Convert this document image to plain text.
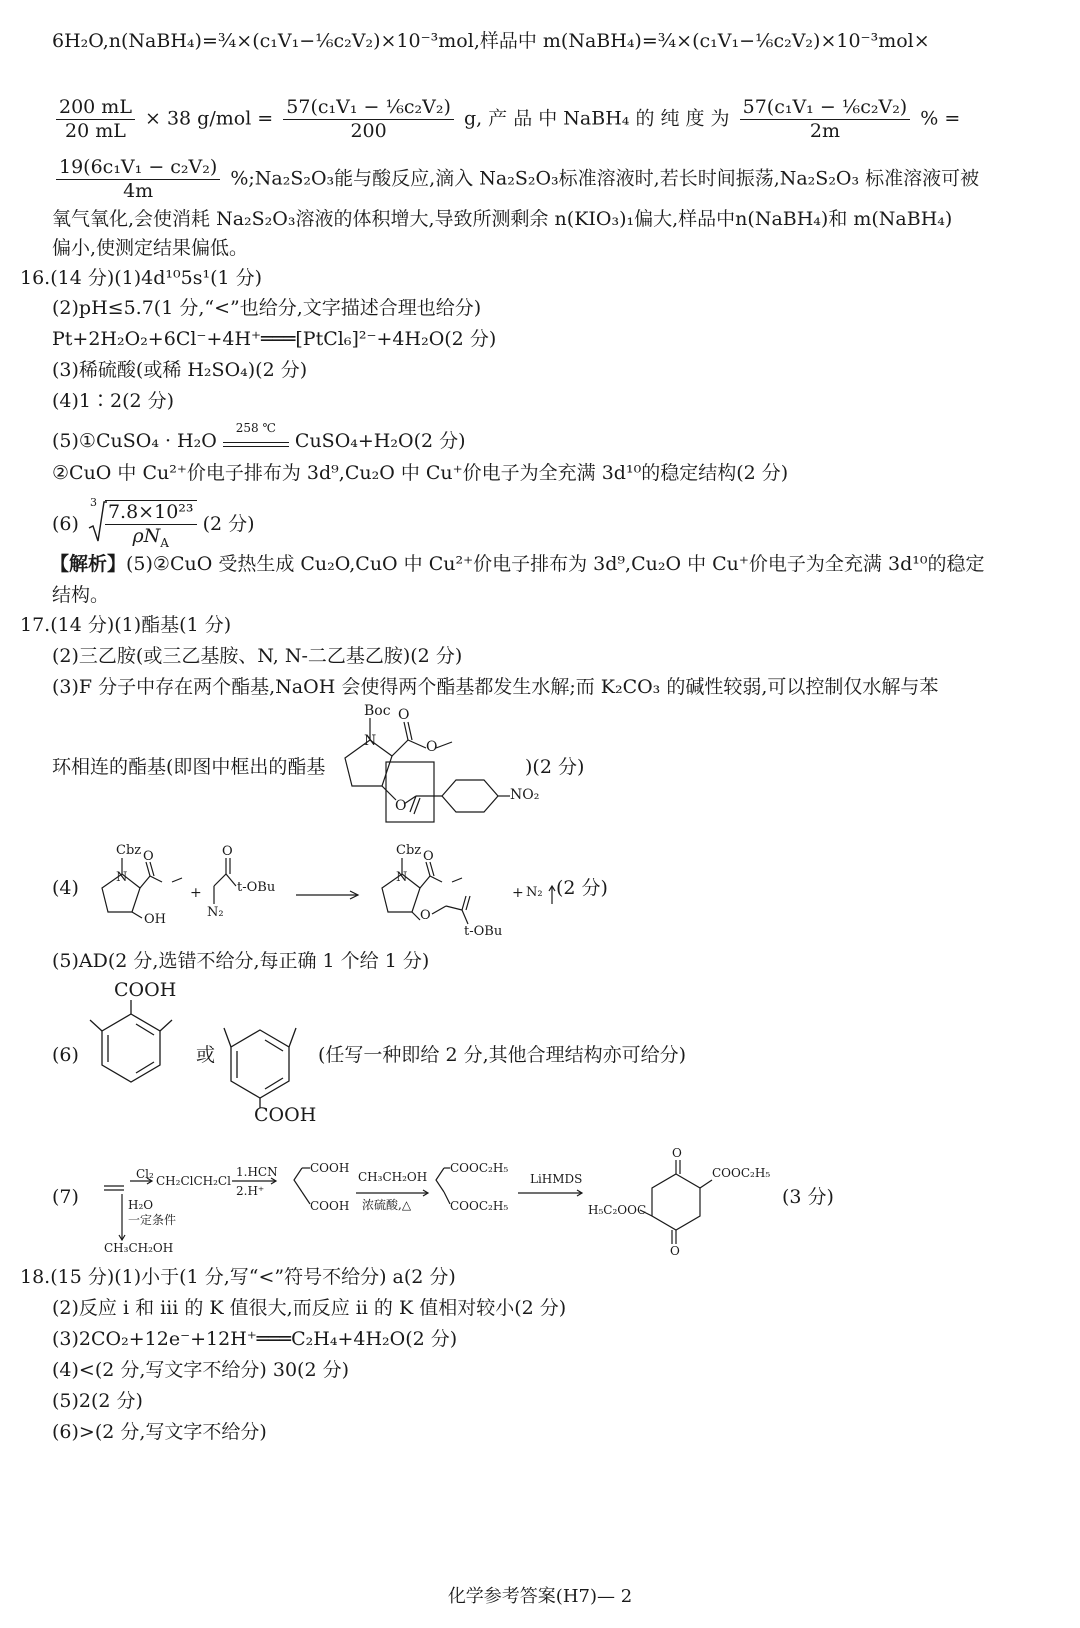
6H₂O,n(NaBH₄)=¾×(c₁V₁−⅙c₂V₂)×10⁻³mol,样品中 m(NaBH₄)=¾×(c₁V₁−⅙c₂V₂)×10⁻³mol×
$\frac{200 mL}{20 mL} \times 38$ $g/mol = \frac{\text{57(c₁V₁ − ⅙c₂V₂)}}{200} g$, 产 品 中 NaBH₄ 的 纯 度 为 $\frac{\text{57(c₁V₁ − ⅙c₂V₂)}}{2m}$ % =
$\frac{\text{19(6c₁V₁ − c₂V₂)}}{4m}$ %;Na₂S₂O₃能与酸反应,滴入 Na₂S₂O₃标准溶液时,若长时间振荡,Na₂S₂O₃ 标准溶液可被
氧气氧化,会使消耗 Na₂S₂O₃溶液的体积增大,导致所测剩余 n(KIO₃)₁偏大,样品中n(NaBH₄)和 m(NaBH₄)
偏小,使测定结果偏低。
16.(14 分)(1)4d¹⁰5s¹(1 分)
(2)pH≤5.7(1 分,“<”也给分,文字描述合理也给分)
Pt+2H₂O₂+6Cl⁻+4H⁺═══[PtCl₆]²⁻+4H₂O(2 分)
(3)稀硫酸(或稀 H₂SO₄)(2 分)
(4)1∶2(2 分)
(5)①CuSO₄ · H₂O
258 ℃
CuSO₄+H₂O(2 分)
②CuO 中 Cu²⁺价电子排布为 3d⁹,Cu₂O 中 Cu⁺价电子为全充满 3d¹⁰的稳定结构(2 分)
(6)
3 7.8×10²³
$\rho N_A$
(2 分)
【解析】(5)②CuO 受热生成 Cu₂O,CuO 中 Cu²⁺价电子排布为 3d⁹,Cu₂O 中 Cu⁺价电子为全充满 3d¹⁰的稳定
结构。
17.(14 分)(1)酯基(1 分)
(2)三乙胺(或三乙基胺、N, N-二乙基乙胺)(2 分)
(3)F 分子中存在两个酯基,NaOH 会使得两个酯基都发生水解;而 K₂CO₃ 的碱性较弱,可以控制仅水解与苯
环相连的酯基(即图中框出的酯基	)(2 分)
Boc
N
O
O
O
NO₂
(4)
Cbz
N
O
OH
+
O
t-OBu
N₂
Cbz
N
O
O
t-OBu
+ N₂ (2 分)
(5)AD(2 分,选错不给分,每正确 1 个给 1 分)
(6)
COOH
或
COOH
(任写一种即给 2 分,其他合理结构亦可给分)
(7)
Cl₂ CH₂ClCH₂Cl
1.HCN
2.H⁺
COOH
COOH
CH₃CH₂OH
浓硫酸,△
COOC₂H₅
COOC₂H₅
LiHMDS
O
O
COOC₂H₅
H₅C₂OOC
H₂O
一定条件
CH₃CH₂OH
(3 分)
18.(15 分)(1)小于(1 分,写“<”符号不给分) a(2 分)
(2)反应 ⅰ 和 ⅲ 的 K 值很大,而反应 ⅱ 的 K 值相对较小(2 分)
(3)2CO₂+12e⁻+12H⁺═══C₂H₄+4H₂O(2 分)
(4)<(2 分,写文字不给分) 30(2 分)
(5)2(2 分)
(6)>(2 分,写文字不给分)
化学参考答案(H7)— 2
